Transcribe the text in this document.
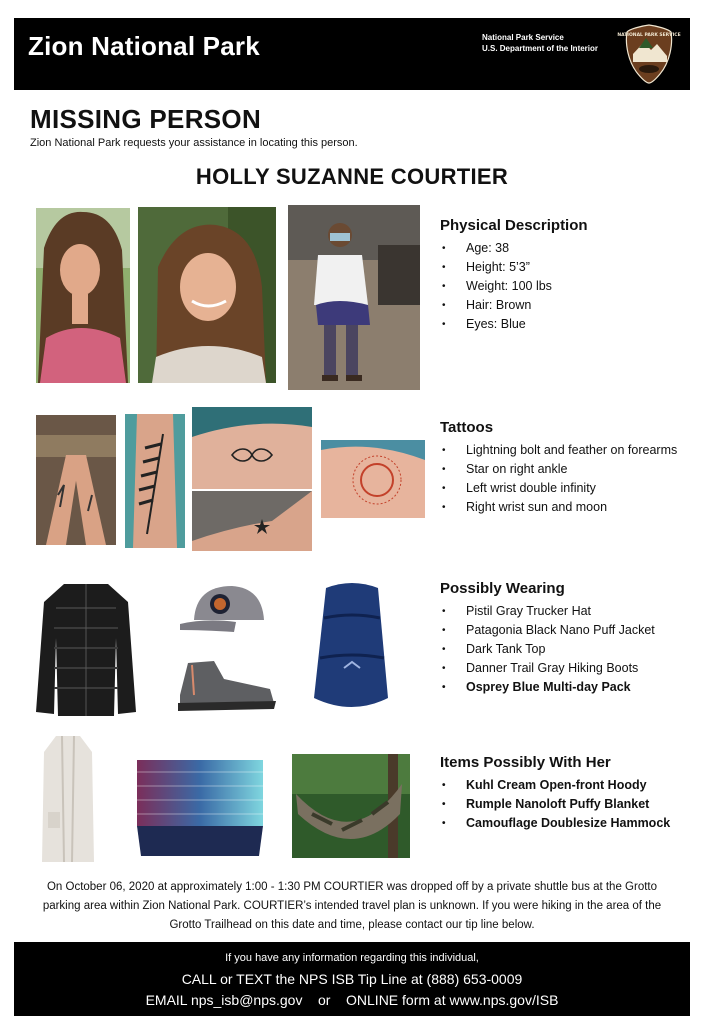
Zion National Park	National Park Service
U.S. Department of the Interior
NATIONAL PARK SERVICE
MISSING PERSON
Zion National Park requests your assistance in locating this person.
HOLLY SUZANNE COURTIER
Physical Description
• Age: 38
• Height: 5’3”
• Weight: 100 lbs
• Hair: Brown
• Eyes: Blue
Tattoos
• Lightning bolt and feather on forearms
• Star on right ankle
• Left wrist double infinity
• Right wrist sun and moon
Possibly Wearing
• Pistil Gray Trucker Hat
• Patagonia Black Nano Puff Jacket
• Dark Tank Top
• Danner Trail Gray Hiking Boots
• Osprey Blue Multi-day Pack
Items Possibly With Her
• Kuhl Cream Open-front Hoody
• Rumple Nanoloft Puffy Blanket
• Camouflage Doublesize Hammock
On October 06, 2020 at approximately 1:00 - 1:30 PM COURTIER was dropped off by a private shuttle bus at the Grotto parking area within Zion National Park. COURTIER’s intended travel plan is unknown. If you were hiking in the area of the Grotto Trailhead on this date and time, please contact our tip line below.
If you have any information regarding this individual,
CALL or TEXT the NPS ISB Tip Line at (888) 653-0009
EMAIL nps_isb@nps.gov    or    ONLINE form at www.nps.gov/ISB
